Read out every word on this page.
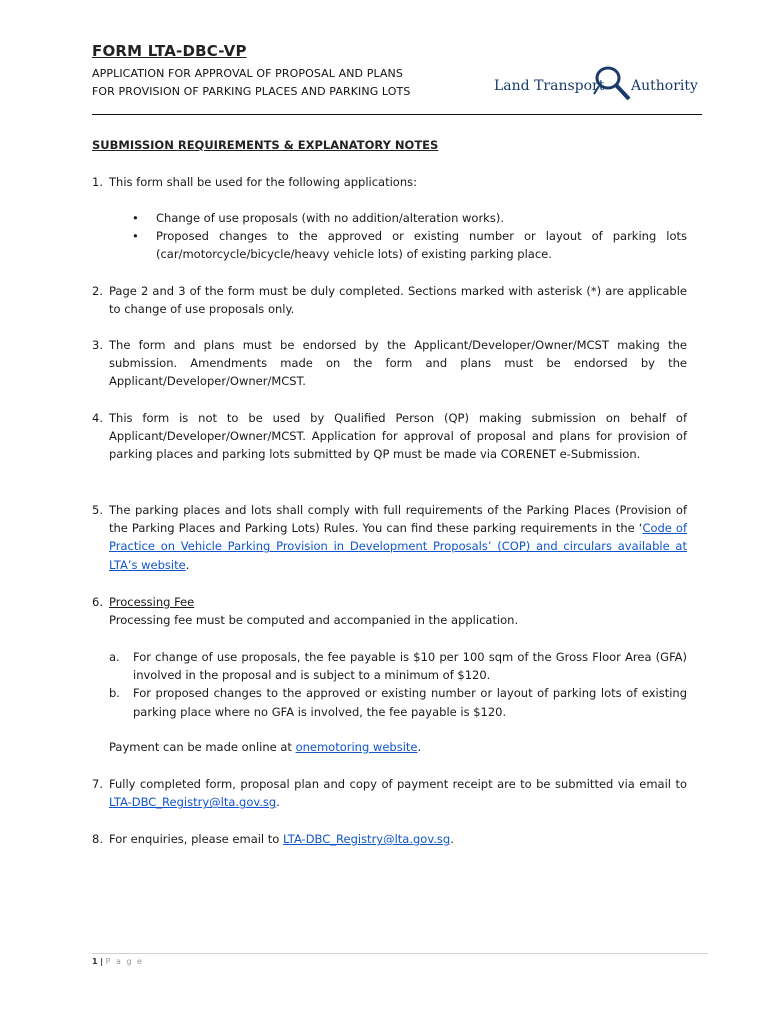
FORM LTA-DBC-VP
APPLICATION FOR APPROVAL OF PROPOSAL AND PLANS
FOR PROVISION OF PARKING PLACES AND PARKING LOTS	Land Transport Authority
SUBMISSION REQUIREMENTS & EXPLANATORY NOTES
1. This form shall be used for the following applications:
•	Change of use proposals (with no addition/alteration works).
•	Proposed changes to the approved or existing number or layout of parking lots (car/motorcycle/bicycle/heavy vehicle lots) of existing parking place.
2. Page 2 and 3 of the form must be duly completed. Sections marked with asterisk (*) are applicable to change of use proposals only.
3. The form and plans must be endorsed by the Applicant/Developer/Owner/MCST making the submission. Amendments made on the form and plans must be endorsed by the Applicant/Developer/Owner/MCST.
4. This form is not to be used by Qualified Person (QP) making submission on behalf of Applicant/Developer/Owner/MCST. Application for approval of proposal and plans for provision of parking places and parking lots submitted by QP must be made via CORENET e-Submission.
5. The parking places and lots shall comply with full requirements of the Parking Places (Provision of the Parking Places and Parking Lots) Rules. You can find these parking requirements in the ‘Code of Practice on Vehicle Parking Provision in Development Proposals’ (COP) and circulars available at LTA’s website.
6. Processing Fee
Processing fee must be computed and accompanied in the application.
a.	For change of use proposals, the fee payable is $10 per 100 sqm of the Gross Floor Area (GFA) involved in the proposal and is subject to a minimum of $120.
b.	For proposed changes to the approved or existing number or layout of parking lots of existing parking place where no GFA is involved, the fee payable is $120.
Payment can be made online at onemotoring website.
7. Fully completed form, proposal plan and copy of payment receipt are to be submitted via email to LTA-DBC_Registry@lta.gov.sg.
8. For enquiries, please email to LTA-DBC_Registry@lta.gov.sg.
1 | P a g e
